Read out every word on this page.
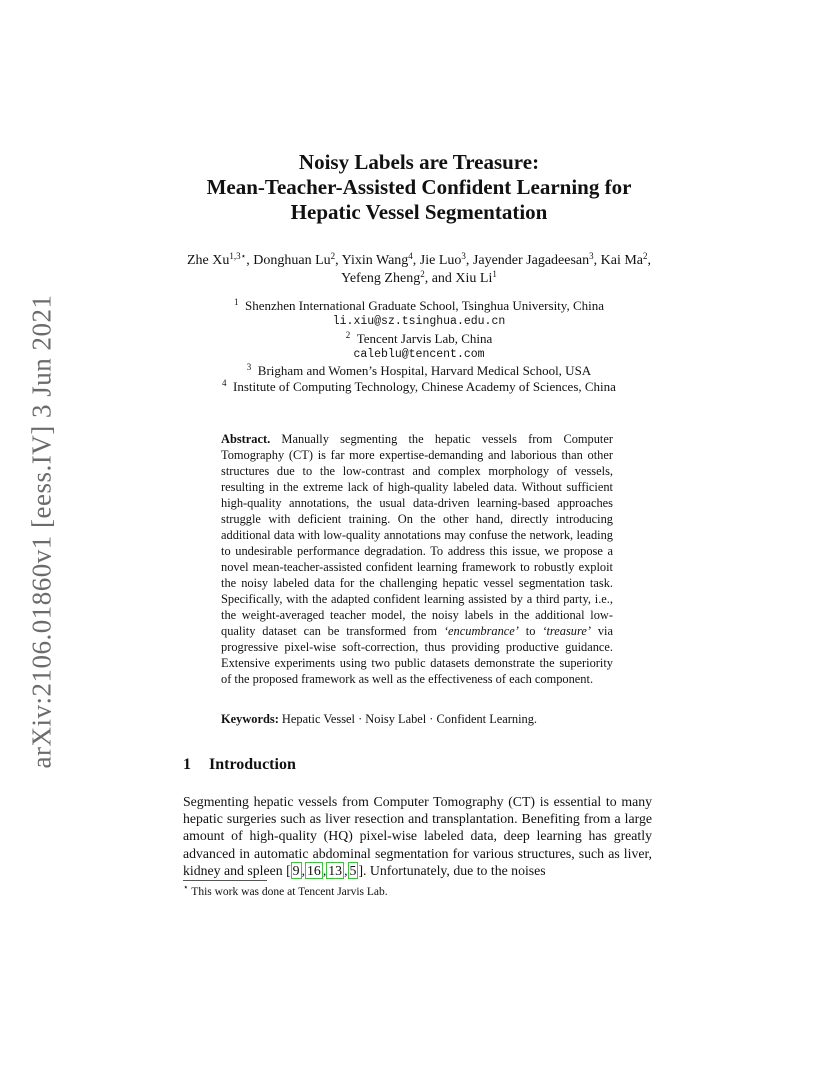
arXiv:2106.01860v1 [eess.IV] 3 Jun 2021
Noisy Labels are Treasure:
Mean-Teacher-Assisted Confident Learning for
Hepatic Vessel Segmentation
Zhe $Xu^{1,3⋆}$, Donghuan Lu$^2$, Yixin Wang$^4$, Jie Luo$^3$, Jayender Jagadeesan$^3$, Kai Ma$^2$, Yefeng Zheng$^2$, and Xiu Li$^1$
$^1$ Shenzhen International Graduate School, Tsinghua University, China
li.xiu@sz.tsinghua.edu.cn
$^2$ Tencent Jarvis Lab, China
caleblu@tencent.com
$^3$ Brigham and Women’s Hospital, Harvard Medical School, USA
$^4$ Institute of Computing Technology, Chinese Academy of Sciences, China
Abstract. Manually segmenting the hepatic vessels from Computer Tomography (CT) is far more expertise-demanding and laborious than other structures due to the low-contrast and complex morphology of vessels, resulting in the extreme lack of high-quality labeled data. Without sufficient high-quality annotations, the usual data-driven learning-based approaches struggle with deficient training. On the other hand, directly introducing additional data with low-quality annotations may confuse the network, leading to undesirable performance degradation. To address this issue, we propose a novel mean-teacher-assisted confident learning framework to robustly exploit the noisy labeled data for the challenging hepatic vessel segmentation task. Specifically, with the adapted confident learning assisted by a third party, i.e., the weight-averaged teacher model, the noisy labels in the additional low-quality dataset can be transformed from ‘encumbrance’ to ‘treasure’ via progressive pixel-wise soft-correction, thus providing productive guidance. Extensive experiments using two public datasets demonstrate the superiority of the proposed framework as well as the effectiveness of each component.
Keywords: Hepatic Vessel · Noisy Label · Confident Learning.
1 Introduction
Segmenting hepatic vessels from Computer Tomography (CT) is essential to many hepatic surgeries such as liver resection and transplantation. Benefiting from a large amount of high-quality (HQ) pixel-wise labeled data, deep learning has greatly advanced in automatic abdominal segmentation for various structures, such as liver, kidney and spleen [ 9 , 16 , 13 , 5 ]. Unfortunately, due to the noises
⋆ This work was done at Tencent Jarvis Lab.
